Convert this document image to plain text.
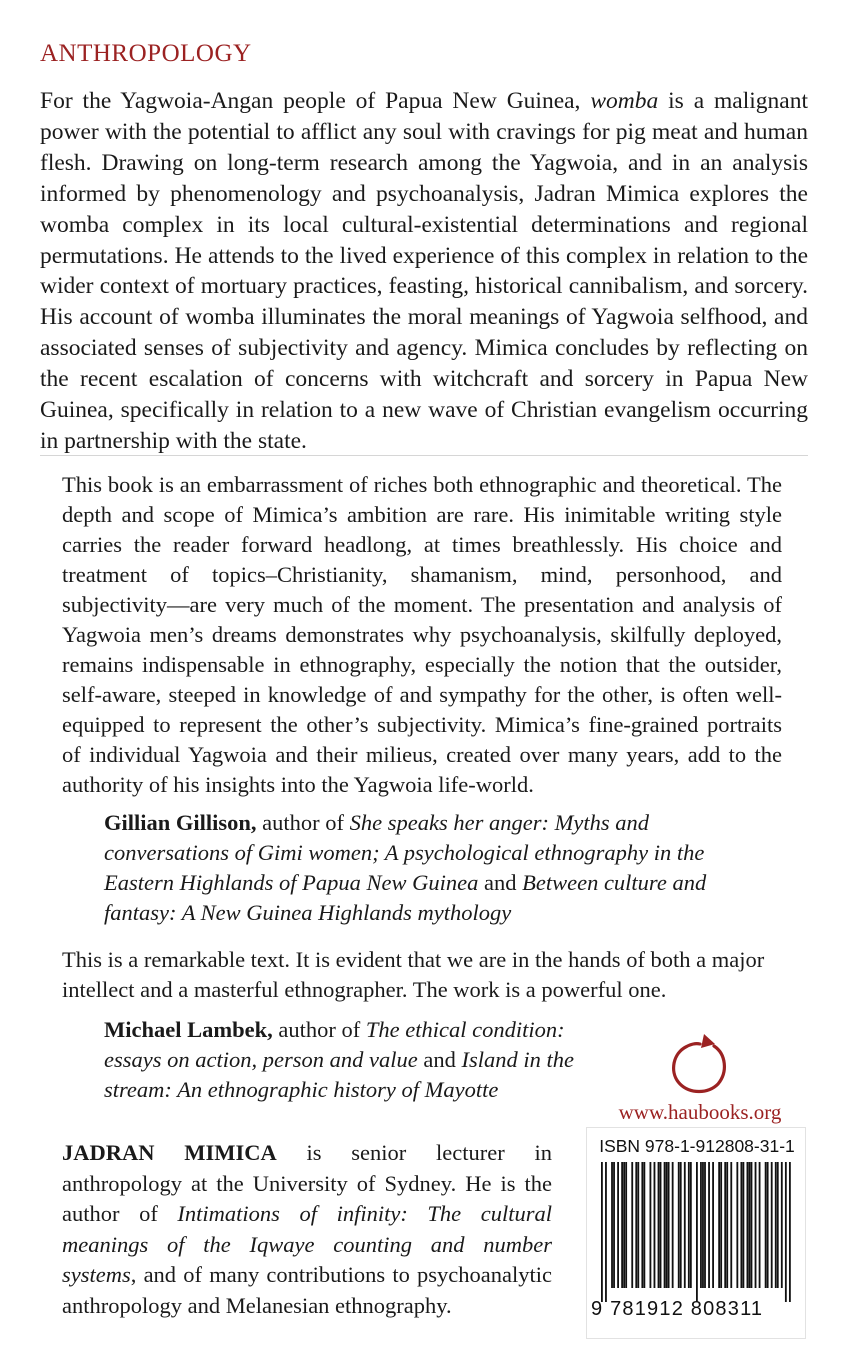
ANTHROPOLOGY

For the Yagwoia-Angan people of Papua New Guinea, womba is a malignant power with the potential to afflict any soul with cravings for pig meat and human flesh. Drawing on long-term research among the Yagwoia, and in an analysis informed by phenomenology and psychoanalysis, Jadran Mimica explores the womba complex in its local cultural-existential determinations and regional permutations. He attends to the lived experience of this complex in relation to the wider context of mortuary practices, feasting, historical cannibalism, and sorcery. His account of womba illuminates the moral meanings of Yagwoia selfhood, and associated senses of subjectivity and agency. Mimica concludes by reflecting on the recent escalation of concerns with witchcraft and sorcery in Papua New Guinea, specifically in relation to a new wave of Christian evangelism occurring in partnership with the state.

This book is an embarrassment of riches both ethnographic and theoretical. The depth and scope of Mimica’s ambition are rare. His inimitable writing style carries the reader forward headlong, at times breathlessly. His choice and treatment of topics–Christianity, shamanism, mind, personhood, and subjectivity—are very much of the moment. The presentation and analysis of Yagwoia men’s dreams demonstrates why psychoanalysis, skilfully deployed, remains indispensable in ethnography, especially the notion that the outsider, self-aware, steeped in knowledge of and sympathy for the other, is often well-equipped to represent the other’s subjectivity. Mimica’s fine-grained portraits of individual Yagwoia and their milieus, created over many years, add to the authority of his insights into the Yagwoia life-world.

Gillian Gillison, author of She speaks her anger: Myths and conversations of Gimi women; A psychological ethnography in the Eastern Highlands of Papua New Guinea and Between culture and fantasy: A New Guinea Highlands mythology

This is a remarkable text. It is evident that we are in the hands of both a major intellect and a masterful ethnographer. The work is a powerful one.

Michael Lambek, author of The ethical condition: essays on action, person and value and Island in the stream: An ethnographic history of Mayotte

JADRAN MIMICA is senior lecturer in anthropology at the University of Sydney. He is the author of Intimations of infinity: The cultural meanings of the Iqwaye counting and number systems, and of many contributions to psychoanalytic anthropology and Melanesian ethnography.

www.haubooks.org
ISBN 978-1-912808-31-1
9 781912 808311
